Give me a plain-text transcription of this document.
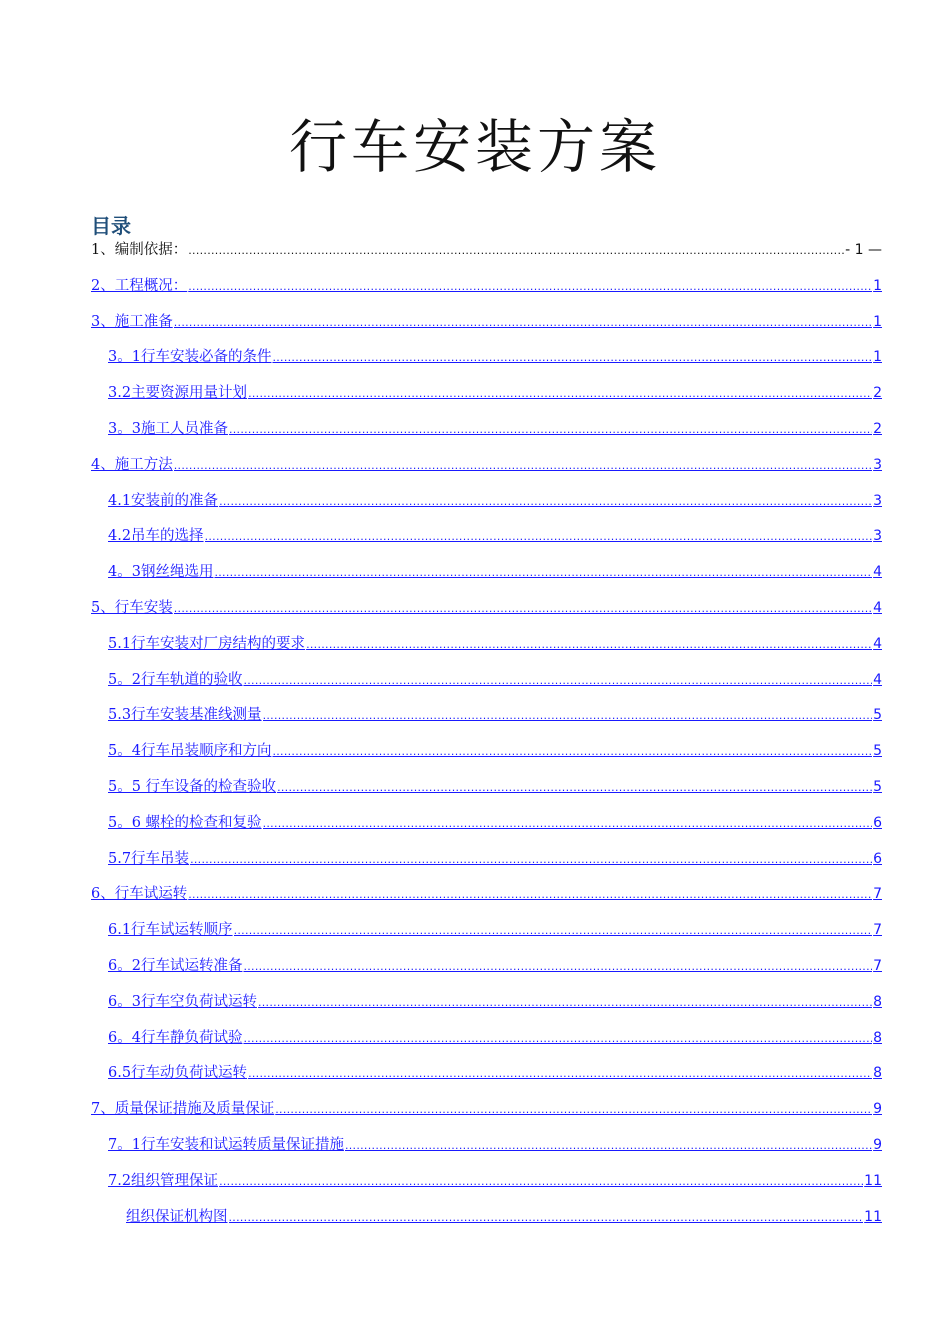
行车安装方案
目录
1、编制依据： .....	- 1 —
2、工程概况： .....	1
3、施工准备 .....	1
3。1行车安装必备的条件 .....	1
3.2主要资源用量计划 .....	2
3。3施工人员准备 .....	2
4、施工方法 .....	3
4.1安装前的准备 .....	3
4.2吊车的选择 .....	3
4。3钢丝绳选用 .....	4
5、行车安装 .....	4
5.1行车安装对厂房结构的要求 .....	4
5。2行车轨道的验收 .....	4
5.3行车安装基准线测量 .....	5
5。4行车吊装顺序和方向 .....	5
5。5 行车设备的检查验收 .....	5
5。6 螺栓的检查和复验 .....	6
5.7行车吊装 .....	6
6、行车试运转 .....	7
6.1行车试运转顺序 .....	7
6。2行车试运转准备 .....	7
6。3行车空负荷试运转 .....	8
6。4行车静负荷试验 .....	8
6.5行车动负荷试运转 .....	8
7、质量保证措施及质量保证 .....	9
7。1行车安装和试运转质量保证措施 .....	9
7.2组织管理保证 .....	11
组织保证机构图 .....	11
